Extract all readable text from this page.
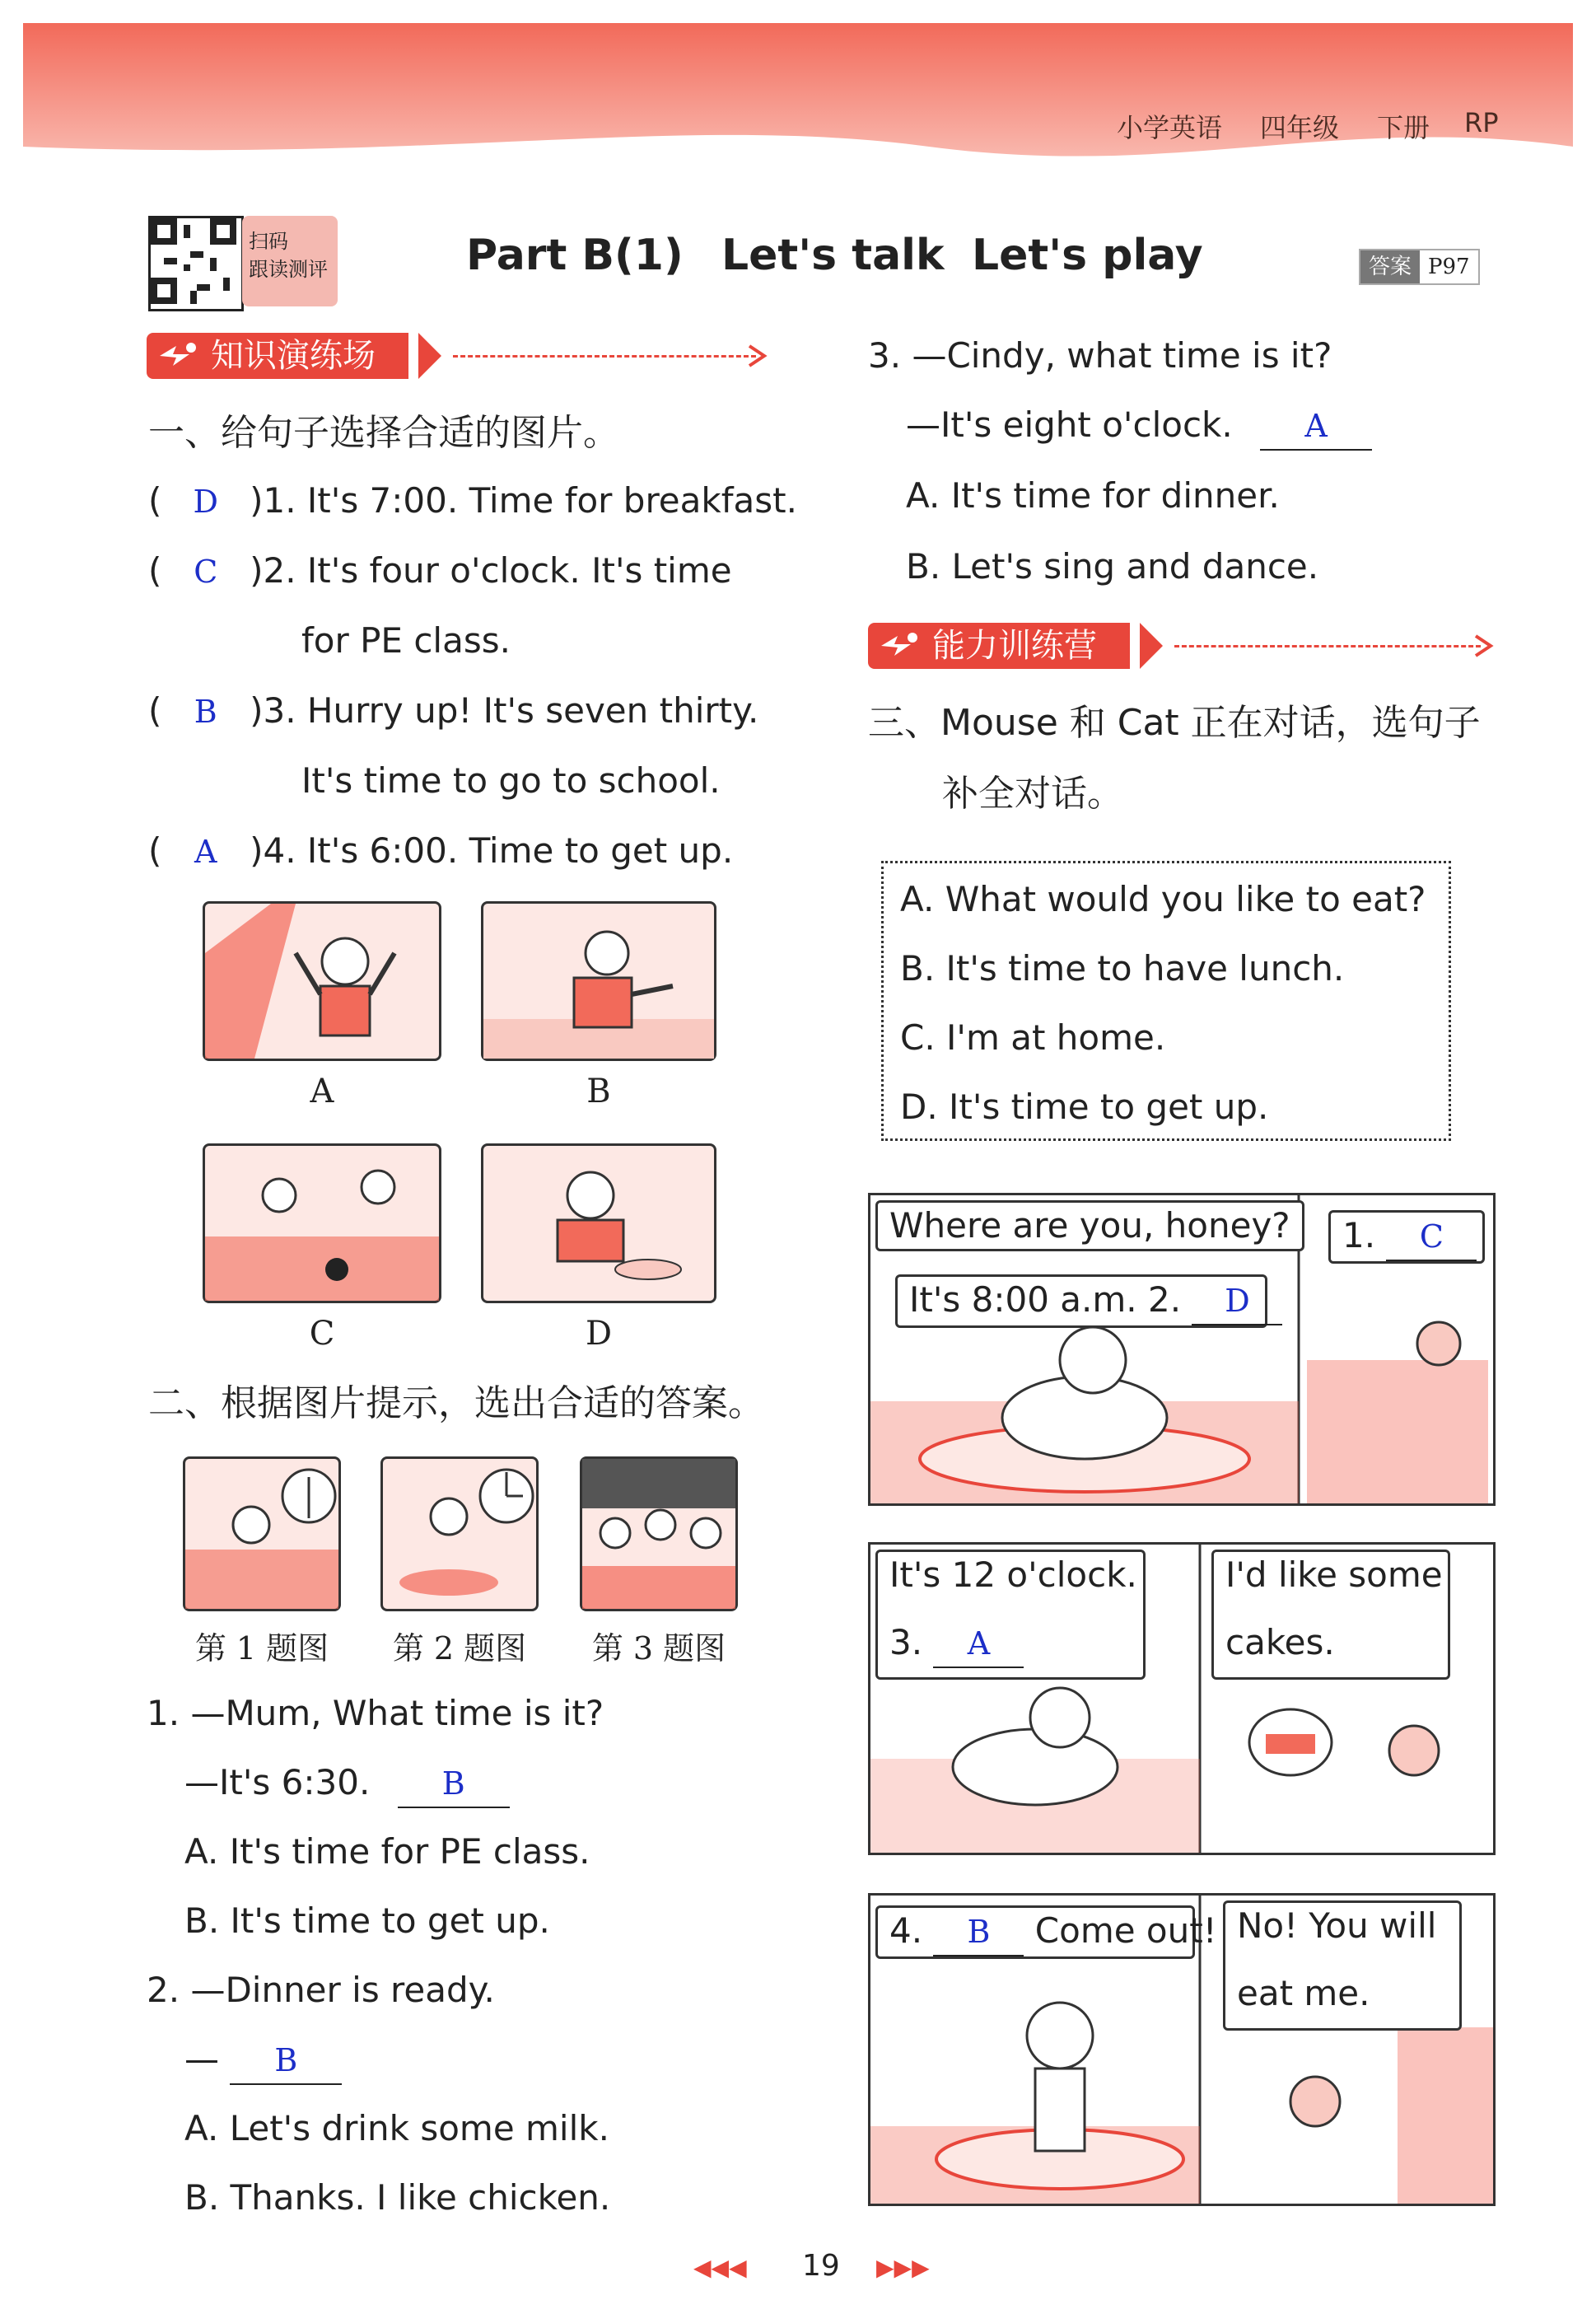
小学英语 四年级 下册 RP
扫码
跟读测评	Part B(1) Let's talk Let's play	答案 P97
知识演练场
一、给句子选择合适的图片。
( D )1. It's 7:00. Time for breakfast.
( C )2. It's four o'clock. It's time
for PE class.
( B )3. Hurry up! It's seven thirty.
It's time to go to school.
( A )4. It's 6:00. Time to get up.
A	B
C	D
二、根据图片提示，选出合适的答案。
第 1 题图	第 2 题图	第 3 题图
1. —Mum, What time is it?
—It's 6:30. B
A. It's time for PE class.
B. It's time to get up.
2. —Dinner is ready.
— B
A. Let's drink some milk.
B. Thanks. I like chicken.
3. —Cindy, what time is it?
—It's eight o'clock. A
A. It's time for dinner.
B. Let's sing and dance.
能力训练营
三、Mouse 和 Cat 正在对话，选句子
补全对话。
A. What would you like to eat?
B. It's time to have lunch.
C. I'm at home.
D. It's time to get up.
Where are you, honey?
It's 8:00 a.m. 2. D
1. C
It's 12 o'clock.
3. A
I'd like some
cakes.
4. B Come out! No! You will
eat me.
◀◀◀ 19 ▶▶▶
